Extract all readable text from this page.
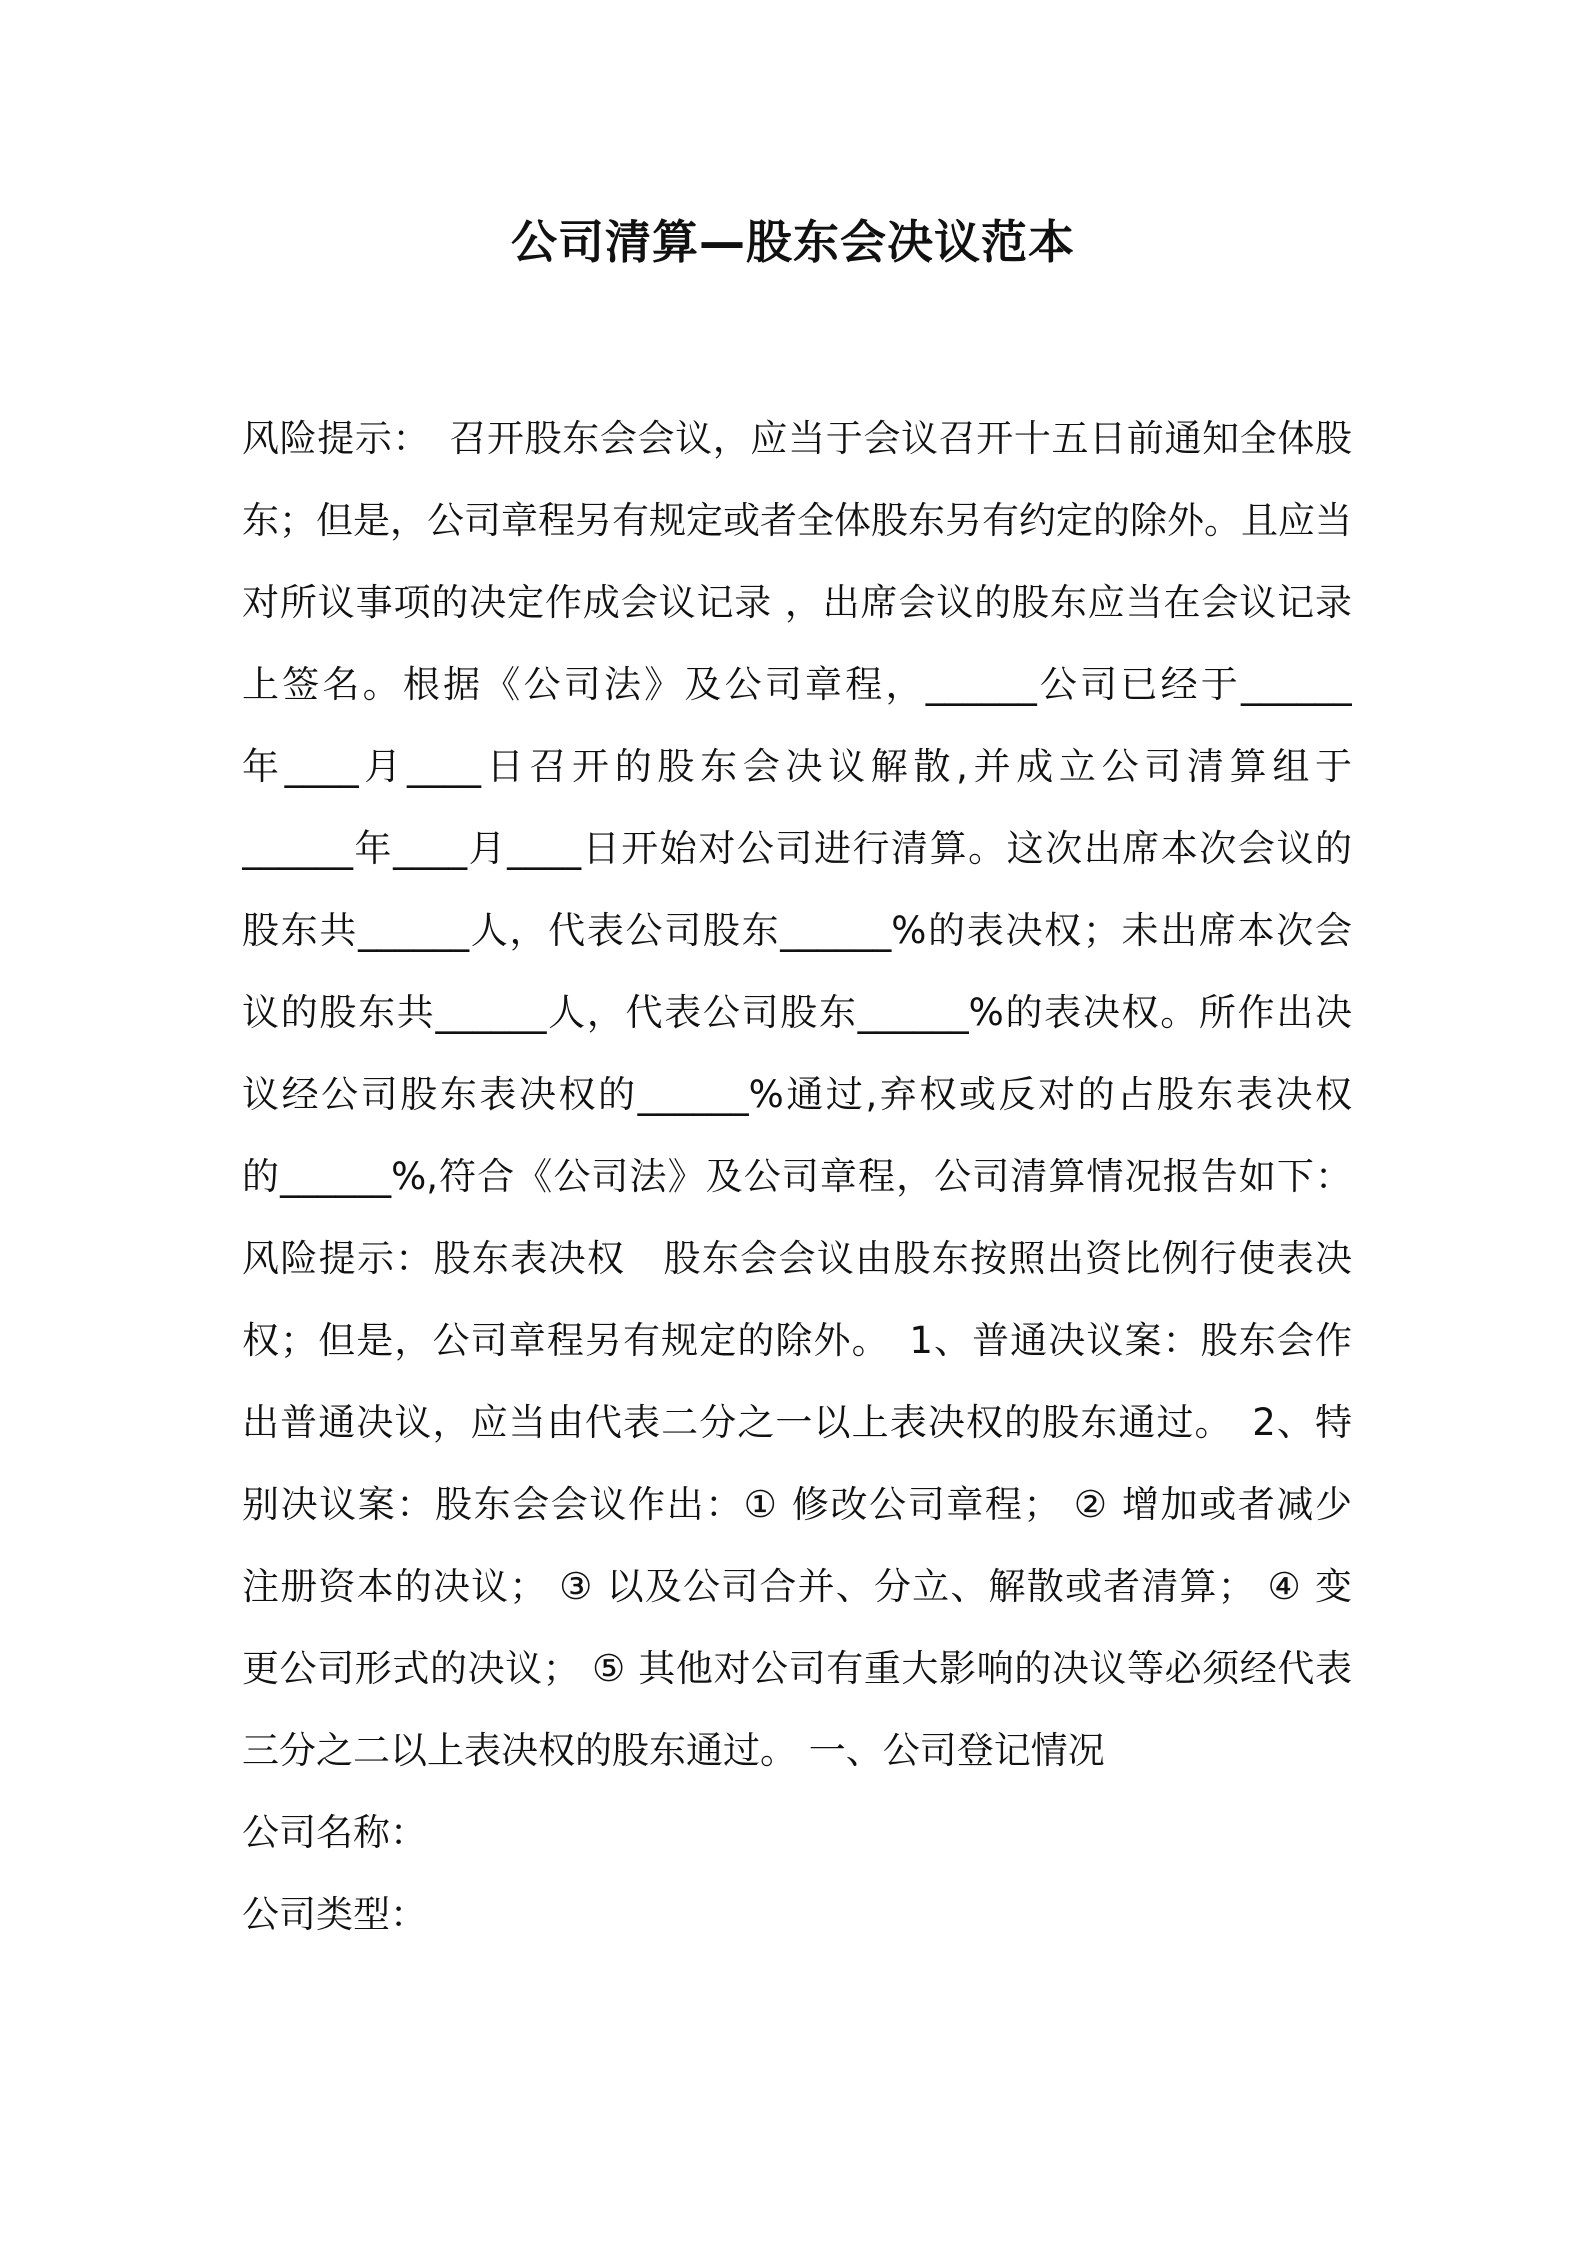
公司清算—股东会决议范本
风险提示：　召开股东会会议，应当于会议召开十五日前通知全体股
东；但是，公司章程另有规定或者全体股东另有约定的除外。且应当
对所议事项的决定作成会议记录 ，出席会议的股东应当在会议记录
上签名。根据《公司法》及公司章程，______公司已经于______
年____月____日召开的股东会决议解散,并成立公司清算组于
______年____月____日开始对公司进行清算。这次出席本次会议的
股东共______人，代表公司股东______%的表决权；未出席本次会
议的股东共______人，代表公司股东______%的表决权。所作出决
议经公司股东表决权的______%通过,弃权或反对的占股东表决权
的______%,符合《公司法》及公司章程，公司清算情况报告如下：
风险提示：股东表决权　股东会会议由股东按照出资比例行使表决
权；但是，公司章程另有规定的除外。　1、普通决议案：股东会作
出普通决议，应当由代表二分之一以上表决权的股东通过。　2、特
别决议案：股东会会议作出：① 修改公司章程； ② 增加或者减少
注册资本的决议； ③ 以及公司合并、分立、解散或者清算； ④ 变
更公司形式的决议； ⑤ 其他对公司有重大影响的决议等必须经代表
三分之二以上表决权的股东通过。 一、公司登记情况
公司名称：
公司类型：
